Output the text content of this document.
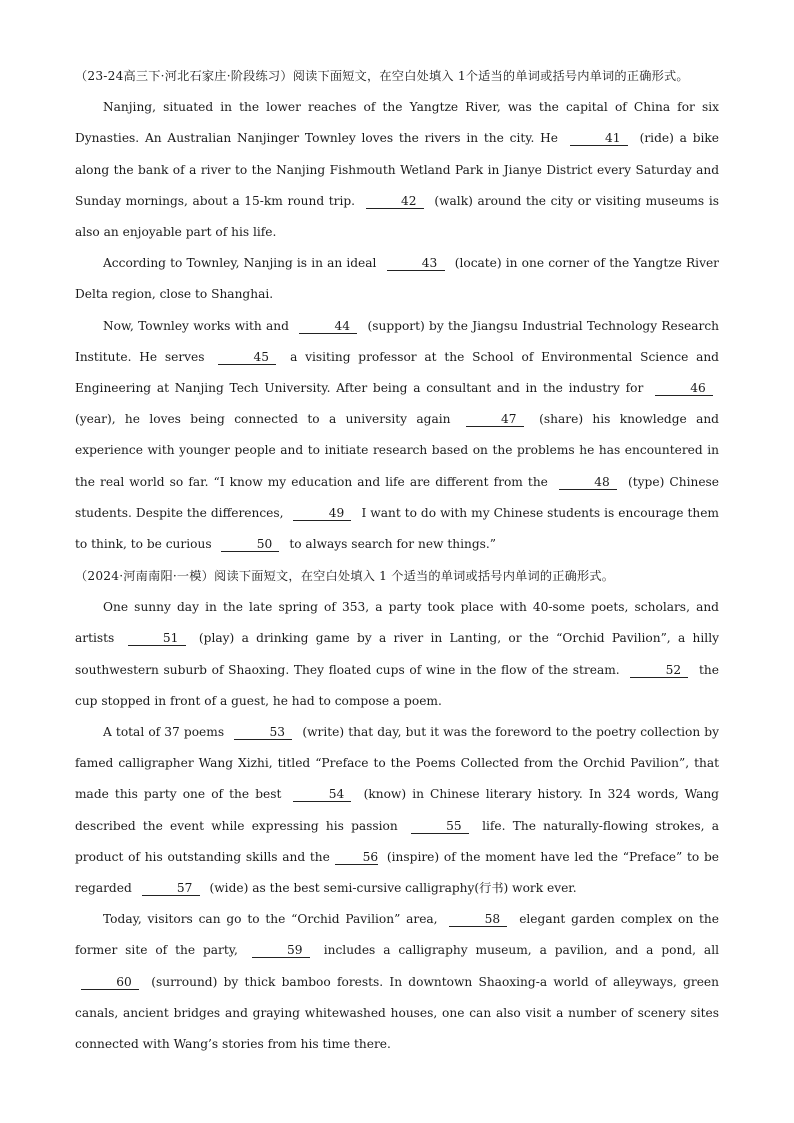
（23-24高三下·河北石家庄·阶段练习）阅读下面短文，在空白处填入 1个适当的单词或括号内单词的正确形式。

Nanjing, situated in the lower reaches of the Yangtze River, was the capital of China for six Dynasties. An Australian Nanjinger Townley loves the rivers in the city. He	41 (ride) a bike along the bank of a river to the Nanjing Fishmouth Wetland Park in Jianye District every Saturday and Sunday mornings, about a 15-km round trip.	42 (walk) around the city or visiting museums is also an enjoyable part of his life.

According to Townley, Nanjing is in an ideal	43 (locate) in one corner of the Yangtze River Delta region, close to Shanghai.

Now, Townley works with and	44 (support) by the Jiangsu Industrial Technology Research Institute. He serves	45 a visiting professor at the School of Environmental Science and Engineering at Nanjing Tech University. After being a consultant and in the industry for	46 (year), he loves being connected to a university again	47 (share) his knowledge and experience with younger people and to initiate research based on the problems he has encountered in the real world so far. “I know my education and life are different from the	48 (type) Chinese students. Despite the differences,	49 I want to do with my Chinese students is encourage them to think, to be curious	50 to always search for new things.”

（2024·河南南阳·一模）阅读下面短文，在空白处填入 1 个适当的单词或括号内单词的正确形式。

One sunny day in the late spring of 353, a party took place with 40-some poets, scholars, and artists	51 (play) a drinking game by a river in Lanting, or the “Orchid Pavilion”, a hilly southwestern suburb of Shaoxing. They floated cups of wine in the flow of the stream.	52 the cup stopped in front of a guest, he had to compose a poem.

A total of 37 poems	53 (write) that day, but it was the foreword to the poetry collection by famed calligrapher Wang Xizhi, titled “Preface to the Poems Collected from the Orchid Pavilion”, that made this party one of the best	54 (know) in Chinese literary history. In 324 words, Wang described the event while expressing his passion	55 life. The naturally-flowing strokes, a product of his outstanding skills and the 56 (inspire) of the moment have led the “Preface” to be regarded	57 (wide) as the best semi-cursive calligraphy(行书) work ever.

Today, visitors can go to the “Orchid Pavilion” area,	58 elegant garden complex on the former site of the party,	59 includes a calligraphy museum, a pavilion, and a pond, all 60 (surround) by thick bamboo forests. In downtown Shaoxing-a world of alleyways, green canals, ancient bridges and graying whitewashed houses, one can also visit a number of scenery sites connected with Wang’s stories from his time there.
